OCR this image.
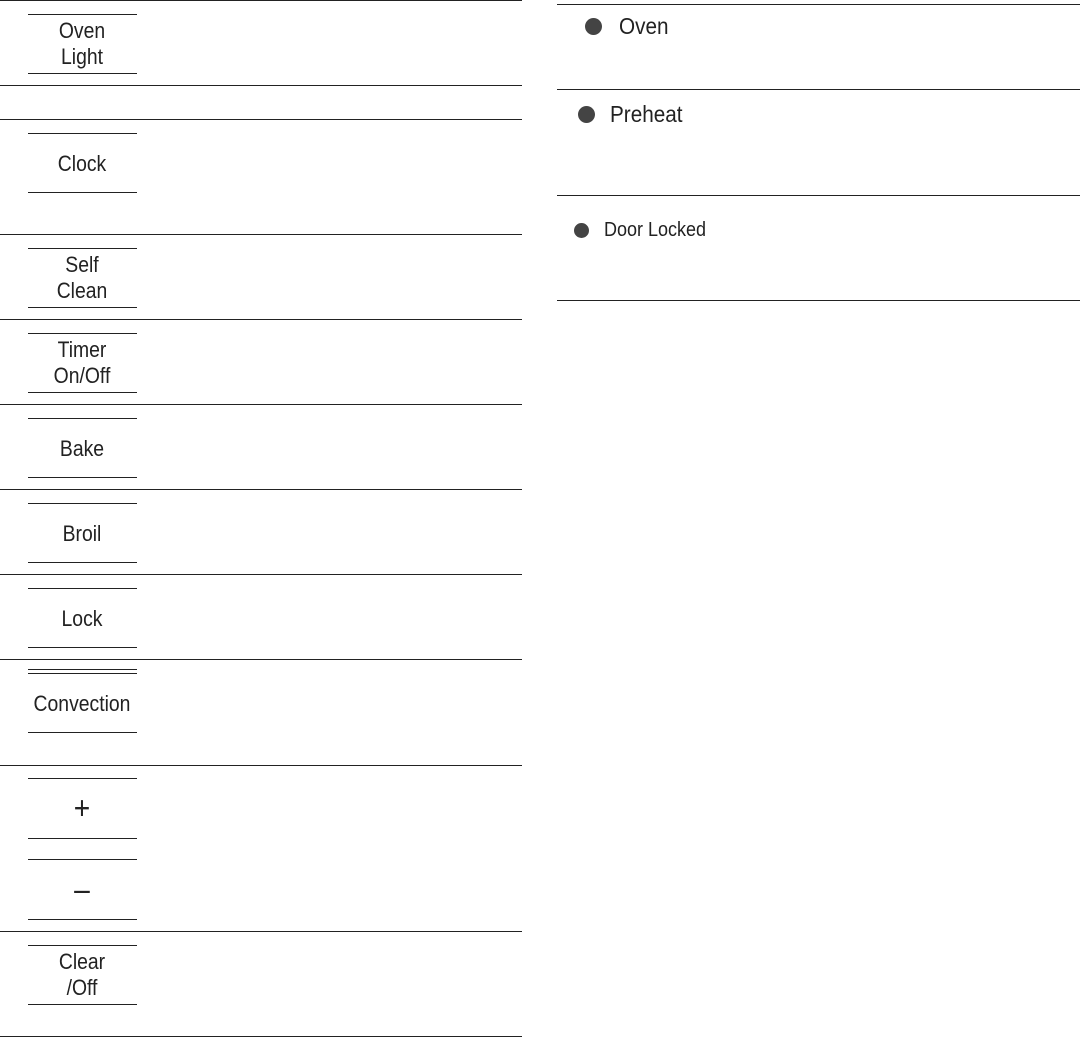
Oven
Light
Clock
Self
Clean
Timer
On/Off
Bake
Broil
Lock
Convection
+
–
Clear
/Off
Oven
Preheat
Door Locked
